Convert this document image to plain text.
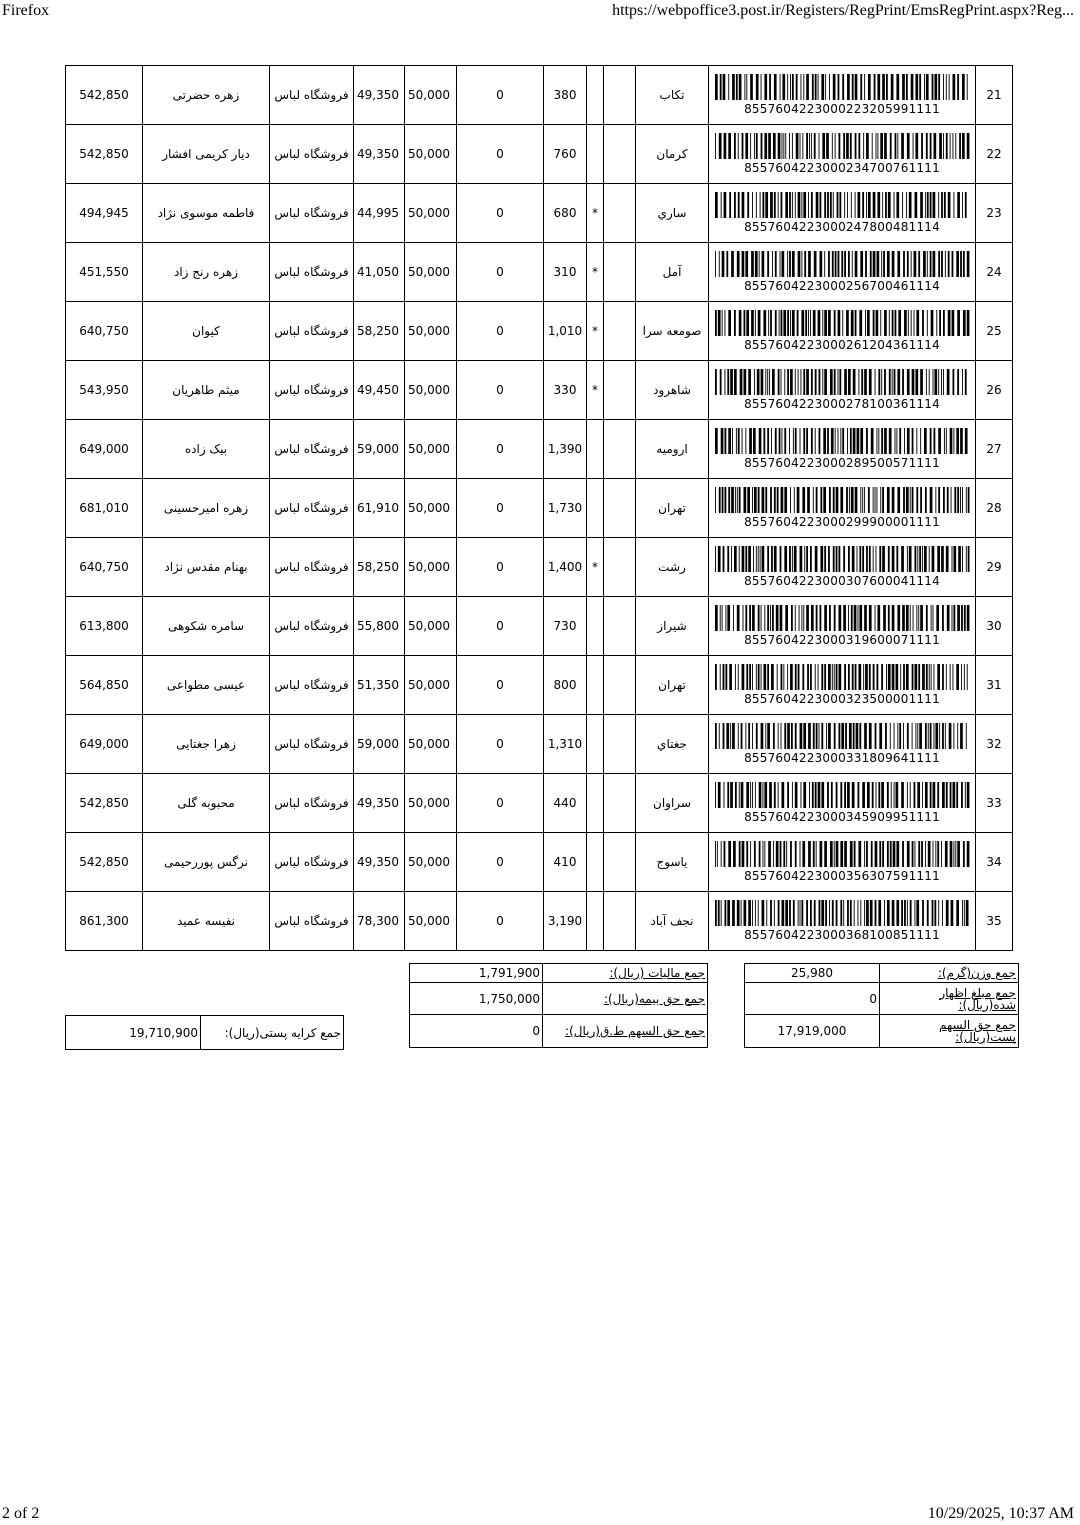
Firefox	https://webpoffice3.post.ir/Registers/RegPrint/EmsRegPrint.aspx?Reg...
542,850	زهره حضرتی	فروشگاه لباس	49,350	50,000	0	380			تکاب	8557604223000223205991111	21
542,850	دیار کریمی افشار	فروشگاه لباس	49,350	50,000	0	760			کرمان	8557604223000234700761111	22
494,945	فاطمه موسوی نژاد	فروشگاه لباس	44,995	50,000	0	680	*		ساري	8557604223000247800481114	23
451,550	زهره رنج زاد	فروشگاه لباس	41,050	50,000	0	310	*		آمل	8557604223000256700461114	24
640,750	کیوان	فروشگاه لباس	58,250	50,000	0	1,010	*		صومعه سرا	8557604223000261204361114	25
543,950	میثم طاهریان	فروشگاه لباس	49,450	50,000	0	330	*		شاهرود	8557604223000278100361114	26
649,000	بیک زاده	فروشگاه لباس	59,000	50,000	0	1,390			ارومیه	8557604223000289500571111	27
681,010	زهره امیرحسینی	فروشگاه لباس	61,910	50,000	0	1,730			تهران	8557604223000299900001111	28
640,750	بهنام مقدس نژاد	فروشگاه لباس	58,250	50,000	0	1,400	*		رشت	8557604223000307600041114	29
613,800	سامره شکوهی	فروشگاه لباس	55,800	50,000	0	730			شیراز	8557604223000319600071111	30
564,850	عیسی مطواعی	فروشگاه لباس	51,350	50,000	0	800			تهران	8557604223000323500001111	31
649,000	زهرا جغتایی	فروشگاه لباس	59,000	50,000	0	1,310			جغتاي	8557604223000331809641111	32
542,850	محبوبه گلی	فروشگاه لباس	49,350	50,000	0	440			سراوان	8557604223000345909951111	33
542,850	نرگس پوررحیمی	فروشگاه لباس	49,350	50,000	0	410			یاسوج	8557604223000356307591111	34
861,300	نفیسه عمید	فروشگاه لباس	78,300	50,000	0	3,190			نجف آباد	8557604223000368100851111	35
1,791,900	جمع مالیات (ریال):
1,750,000	جمع حق بیمه(ریال):
0	جمع حق السهم ط.ق(ریال):
25,980	جمع وزن(گرم):
0	جمع مبلغ اظهار شده(ریال):
17,919,000	جمع حق السهم پست(ریال):
19,710,900	جمع کرایه پستی(ریال):
2 of 2	10/29/2025, 10:37 AM
